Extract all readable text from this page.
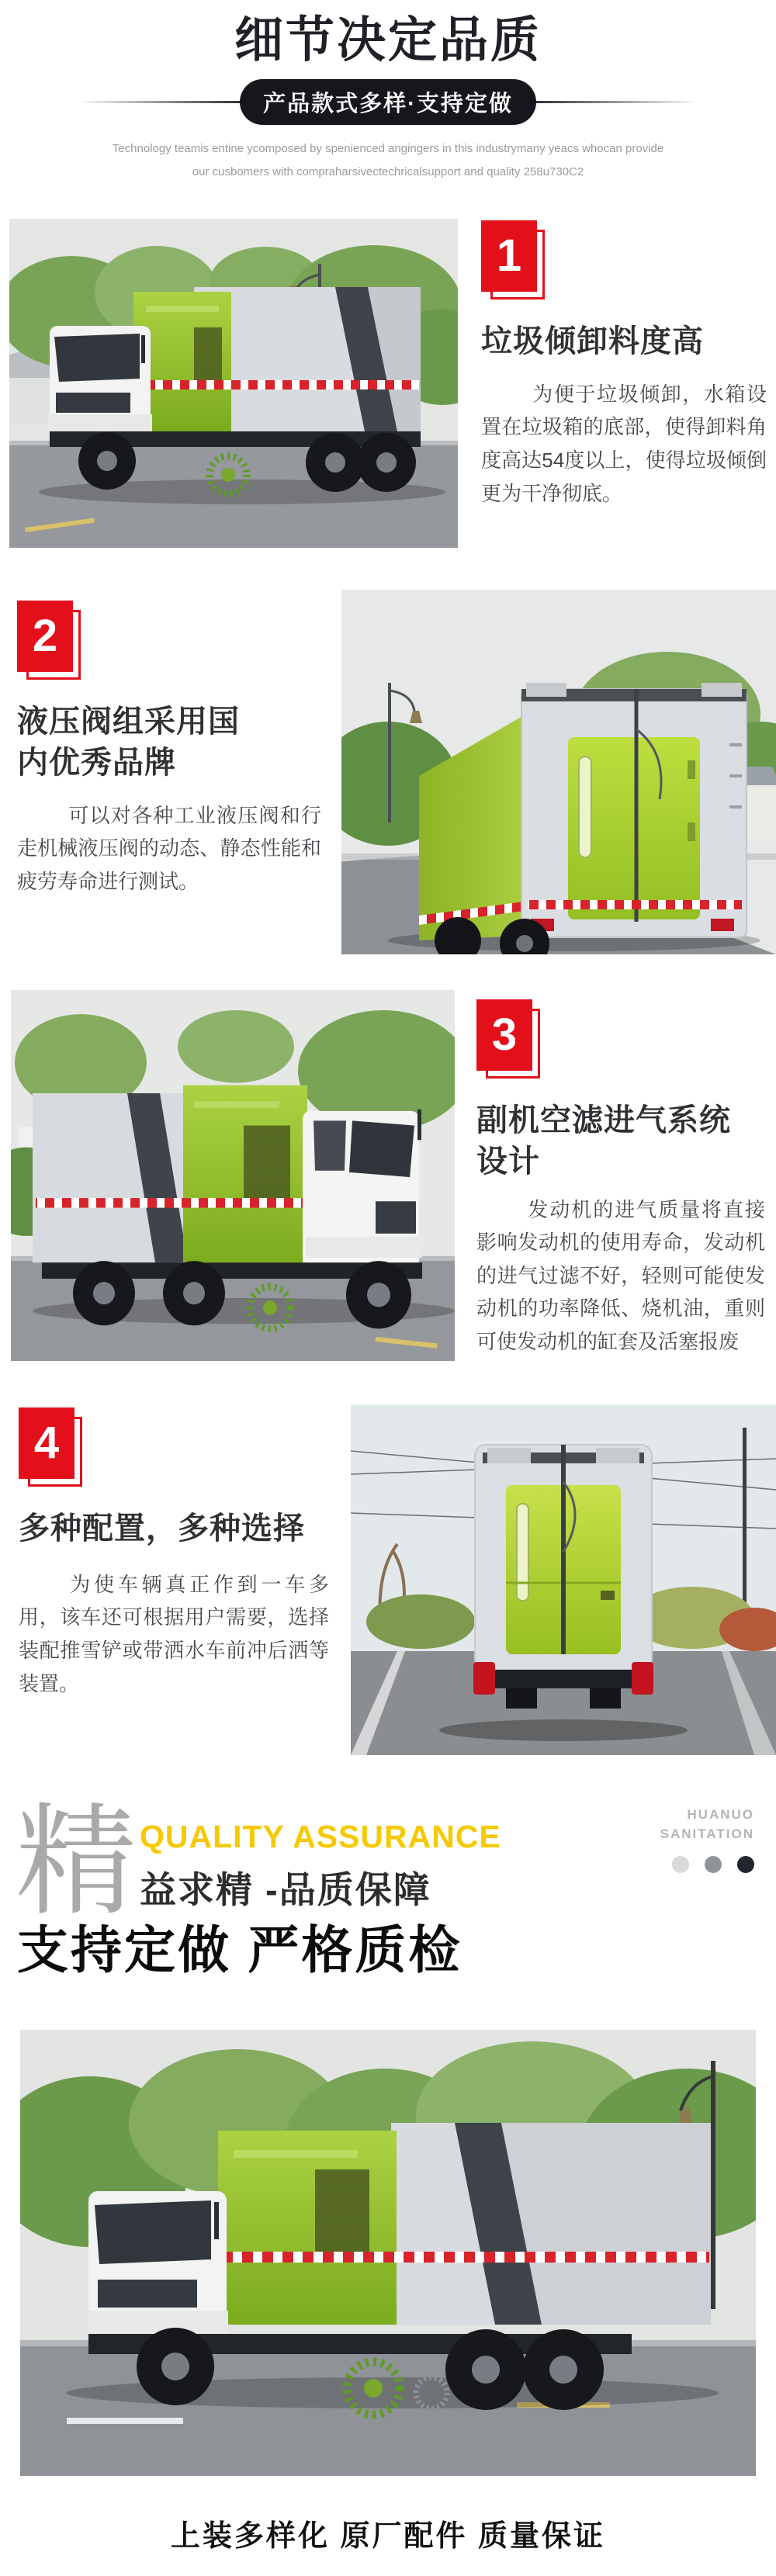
细节决定品质
产品款式多样·支持定做
Technology teamis entine ycomposed by spenienced angingers in this industrymany yeacs whocan provide
our cusbomers with compraharsivectechricalsupport and quality 258u730C2
1
垃圾倾卸料度高
为便于垃圾倾卸，水箱设置在垃圾箱的底部，使得卸料角度高达54度以上，使得垃圾倾倒更为干净彻底。
2
液压阀组采用国内优秀品牌
可以对各种工业液压阀和行走机械液压阀的动态、静态性能和疲劳寿命进行测试。
3
副机空滤进气系统设计
发动机的进气质量将直接影响发动机的使用寿命，发动机的进气过滤不好，轻则可能使发动机的功率降低、烧机油，重则可使发动机的缸套及活塞报废
4
多种配置，多种选择
为使车辆真正作到一车多用，该车还可根据用户需要，选择装配推雪铲或带洒水车前冲后洒等装置。
精 QUALITY ASSURANCE
益求精 -品质保障
HUANUO
SANITATION
支持定做 严格质检
上装多样化 原厂配件 质量保证
